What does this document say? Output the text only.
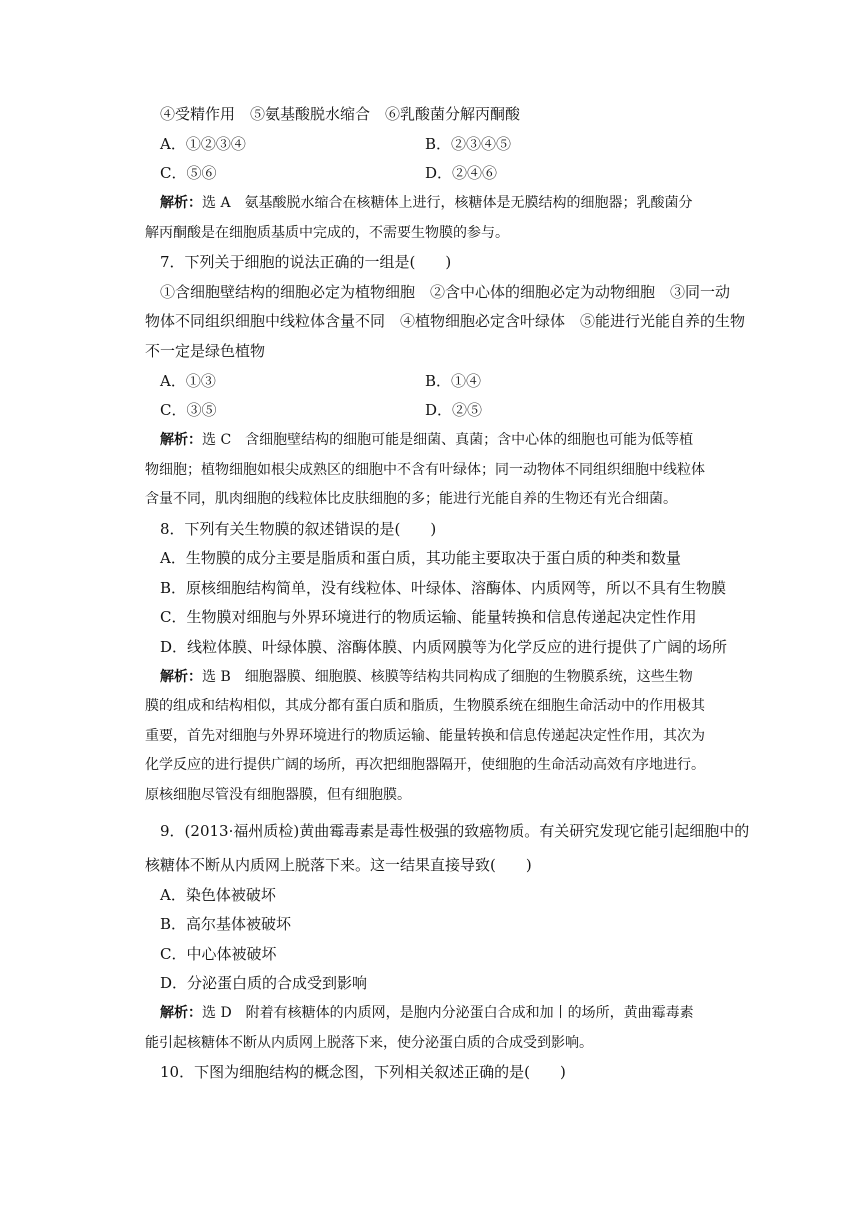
④受精作用　⑤氨基酸脱水缩合　⑥乳酸菌分解丙酮酸
A．①②③④	B．②③④⑤
C．⑤⑥	D．②④⑥
解析：选 A　氨基酸脱水缩合在核糖体上进行，核糖体是无膜结构的细胞器；乳酸菌分
解丙酮酸是在细胞质基质中完成的，不需要生物膜的参与。
7．下列关于细胞的说法正确的一组是(　　)
①含细胞壁结构的细胞必定为植物细胞　②含中心体的细胞必定为动物细胞　③同一动
物体不同组织细胞中线粒体含量不同　④植物细胞必定含叶绿体　⑤能进行光能自养的生物
不一定是绿色植物
A．①③	B．①④
C．③⑤	D．②⑤
解析：选 C　含细胞壁结构的细胞可能是细菌、真菌；含中心体的细胞也可能为低等植
物细胞；植物细胞如根尖成熟区的细胞中不含有叶绿体；同一动物体不同组织细胞中线粒体
含量不同，肌肉细胞的线粒体比皮肤细胞的多；能进行光能自养的生物还有光合细菌。
8．下列有关生物膜的叙述错误的是(　　)
A．生物膜的成分主要是脂质和蛋白质，其功能主要取决于蛋白质的种类和数量
B．原核细胞结构简单，没有线粒体、叶绿体、溶酶体、内质网等，所以不具有生物膜
C．生物膜对细胞与外界环境进行的物质运输、能量转换和信息传递起决定性作用
D．线粒体膜、叶绿体膜、溶酶体膜、内质网膜等为化学反应的进行提供了广阔的场所
解析：选 B　细胞器膜、细胞膜、核膜等结构共同构成了细胞的生物膜系统，这些生物
膜的组成和结构相似，其成分都有蛋白质和脂质，生物膜系统在细胞生命活动中的作用极其
重要，首先对细胞与外界环境进行的物质运输、能量转换和信息传递起决定性作用，其次为
化学反应的进行提供广阔的场所，再次把细胞器隔开，使细胞的生命活动高效有序地进行。
原核细胞尽管没有细胞器膜，但有细胞膜。
9．(2013·福州质检)黄曲霉毒素是毒性极强的致癌物质。有关研究发现它能引起细胞中的
核糖体不断从内质网上脱落下来。这一结果直接导致(　　)
A．染色体被破坏
B．高尔基体被破坏
C．中心体被破坏
D．分泌蛋白质的合成受到影响
解析：选 D　附着有核糖体的内质网，是胞内分泌蛋白合成和加丨的场所，黄曲霉毒素
能引起核糖体不断从内质网上脱落下来，使分泌蛋白质的合成受到影响。
10．下图为细胞结构的概念图，下列相关叙述正确的是(　　)
